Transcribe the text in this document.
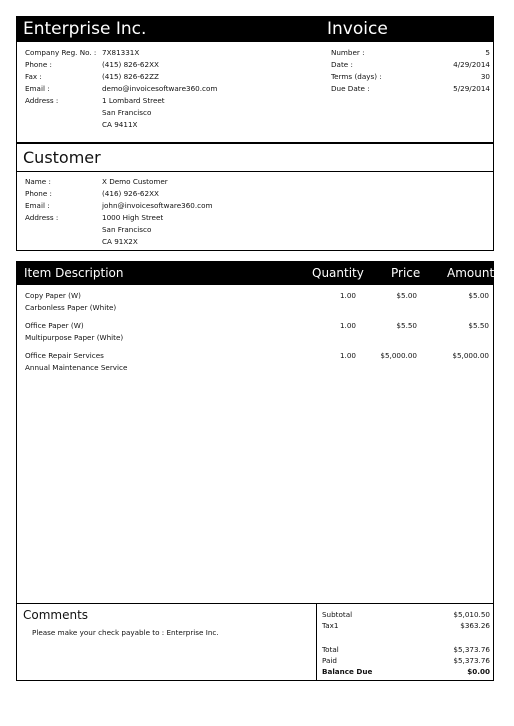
Enterprise Inc.	Invoice
Company Reg. No. : 7X81331X
Phone :	(415) 826-62XX
Fax :	(415) 826-62ZZ
Email :	demo@invoicesoftware360.com
Address :	1 Lombard Street
San Francisco
CA 9411X
Number :	5
Date :	4/29/2014
Terms (days) :	30
Due Date :	5/29/2014
Customer
Name :	X Demo Customer
Phone :	(416) 926-62XX
Email :	john@invoicesoftware360.com
Address :	1000 High Street
San Francisco
CA 91X2X
Item Description	Quantity Price Amount
Copy Paper (W)
Carbonless Paper (White)
1.00	$5.00	$5.00
Office Paper (W)
Multipurpose Paper (White)
1.00	$5.50	$5.50
Office Repair Services
Annual Maintenance Service
1.00	$5,000.00	$5,000.00
Comments
Please make your check payable to : Enterprise Inc.
Subtotal	$5,010.50
Tax1	$363.26
Total	$5,373.76
Paid	$5,373.76
Balance Due	$0.00
